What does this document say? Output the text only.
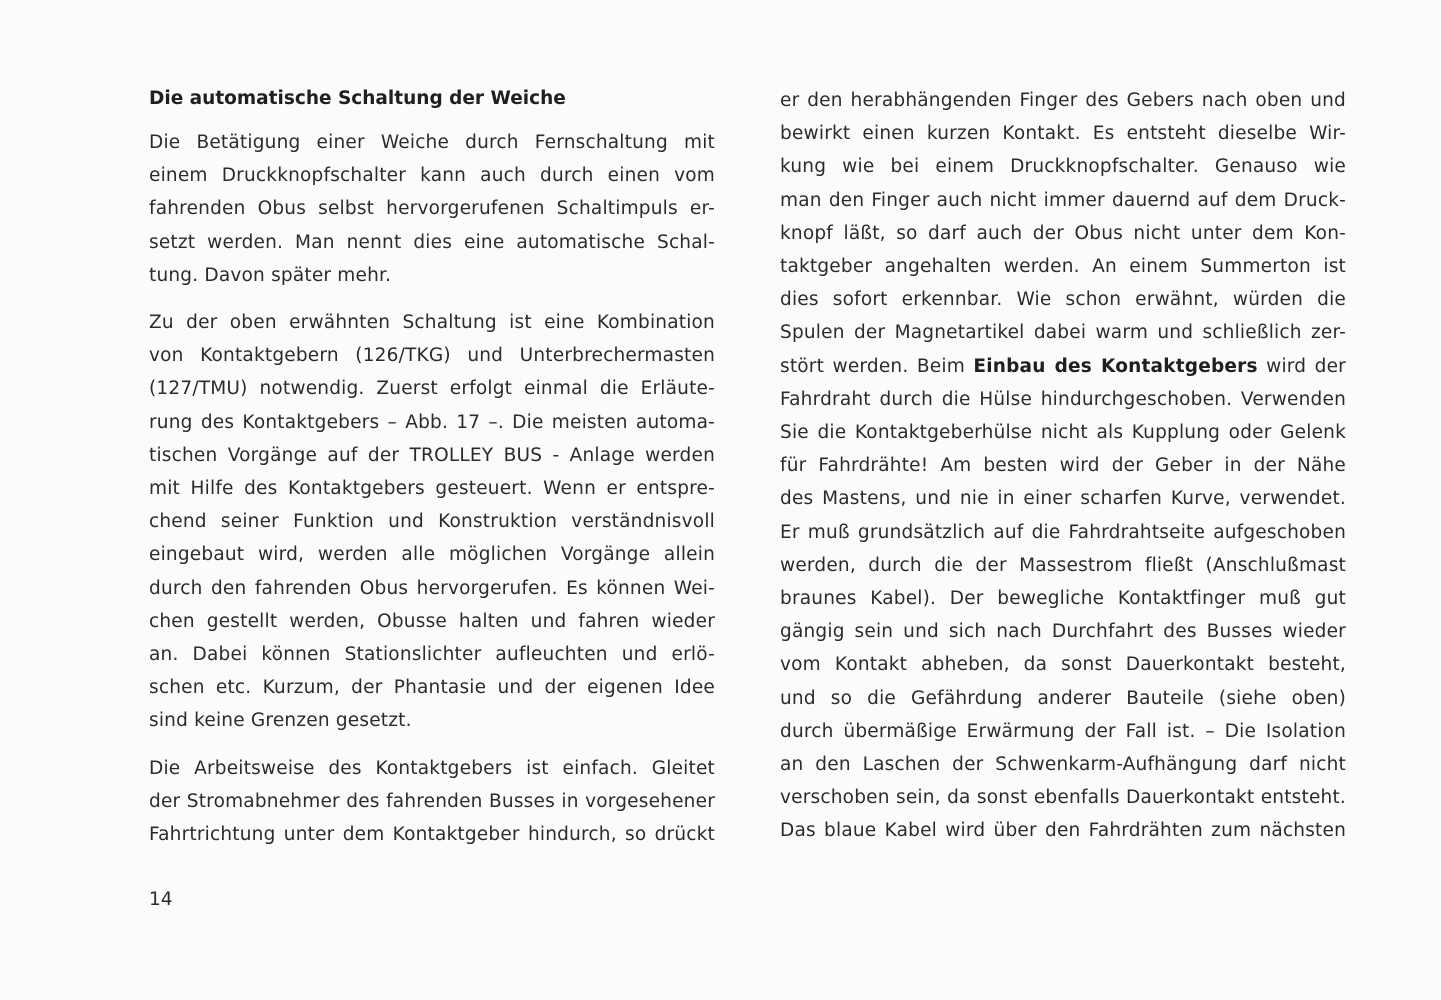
Die automatische Schaltung der Weiche
Die Betätigung einer Weiche durch Fernschaltung mit
einem Druckknopfschalter kann auch durch einen vom
fahrenden Obus selbst hervorgerufenen Schaltimpuls er-
setzt werden. Man nennt dies eine automatische Schal-
tung. Davon später mehr.
Zu der oben erwähnten Schaltung ist eine Kombination
von Kontaktgebern (126/TKG) und Unterbrechermasten
(127/TMU) notwendig. Zuerst erfolgt einmal die Erläute-
rung des Kontaktgebers – Abb. 17 –. Die meisten automa-
tischen Vorgänge auf der TROLLEY BUS - Anlage werden
mit Hilfe des Kontaktgebers gesteuert. Wenn er entspre-
chend seiner Funktion und Konstruktion verständnisvoll
eingebaut wird, werden alle möglichen Vorgänge allein
durch den fahrenden Obus hervorgerufen. Es können Wei-
chen gestellt werden, Obusse halten und fahren wieder
an. Dabei können Stationslichter aufleuchten und erlö-
schen etc. Kurzum, der Phantasie und der eigenen Idee
sind keine Grenzen gesetzt.
Die Arbeitsweise des Kontaktgebers ist einfach. Gleitet
der Stromabnehmer des fahrenden Busses in vorgesehener
Fahrtrichtung unter dem Kontaktgeber hindurch, so drückt
er den herabhängenden Finger des Gebers nach oben und
bewirkt einen kurzen Kontakt. Es entsteht dieselbe Wir-
kung wie bei einem Druckknopfschalter. Genauso wie
man den Finger auch nicht immer dauernd auf dem Druck-
knopf läßt, so darf auch der Obus nicht unter dem Kon-
taktgeber angehalten werden. An einem Summerton ist
dies sofort erkennbar. Wie schon erwähnt, würden die
Spulen der Magnetartikel dabei warm und schließlich zer-
stört werden. Beim Einbau des Kontaktgebers wird der
Fahrdraht durch die Hülse hindurchgeschoben. Verwenden
Sie die Kontaktgeberhülse nicht als Kupplung oder Gelenk
für Fahrdrähte! Am besten wird der Geber in der Nähe
des Mastens, und nie in einer scharfen Kurve, verwendet.
Er muß grundsätzlich auf die Fahrdrahtseite aufgeschoben
werden, durch die der Massestrom fließt (Anschlußmast
braunes Kabel). Der bewegliche Kontaktfinger muß gut
gängig sein und sich nach Durchfahrt des Busses wieder
vom Kontakt abheben, da sonst Dauerkontakt besteht,
und so die Gefährdung anderer Bauteile (siehe oben)
durch übermäßige Erwärmung der Fall ist. – Die Isolation
an den Laschen der Schwenkarm-Aufhängung darf nicht
verschoben sein, da sonst ebenfalls Dauerkontakt entsteht.
Das blaue Kabel wird über den Fahrdrähten zum nächsten
14
